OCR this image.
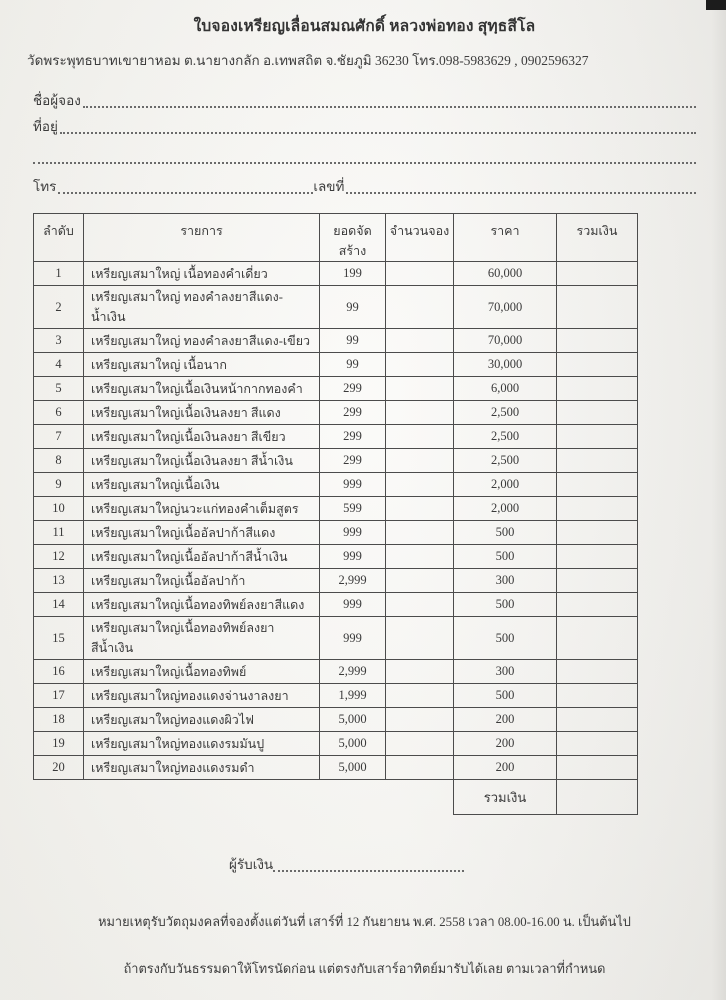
ใบจองเหรียญเลื่อนสมณศักดิ์ หลวงพ่อทอง สุทฺธสีโล
วัดพระพุทธบาทเขายาหอม ต.นายางกลัก อ.เทพสถิต จ.ชัยภูมิ 36230 โทร.098-5983629 , 0902596327
ชื่อผู้จอง
ที่อยู่
โทร	เลขที่
ลำดับ	รายการ	ยอดจัดสร้าง	จำนวนจอง	ราคา	รวมเงิน
1	เหรียญเสมาใหญ่ เนื้อทองคำเดี่ยว	199		60,000	
2	เหรียญเสมาใหญ่ ทองคำลงยาสีแดง-น้ำเงิน	99		70,000	
3	เหรียญเสมาใหญ่ ทองคำลงยาสีแดง-เขียว	99		70,000	
4	เหรียญเสมาใหญ่ เนื้อนาก	99		30,000	
5	เหรียญเสมาใหญ่เนื้อเงินหน้ากากทองคำ	299		6,000	
6	เหรียญเสมาใหญ่เนื้อเงินลงยา สีแดง	299		2,500	
7	เหรียญเสมาใหญ่เนื้อเงินลงยา สีเขียว	299		2,500	
8	เหรียญเสมาใหญ่เนื้อเงินลงยา สีน้ำเงิน	299		2,500	
9	เหรียญเสมาใหญ่เนื้อเงิน	999		2,000	
10	เหรียญเสมาใหญ่นวะแก่ทองคำเต็มสูตร	599		2,000	
11	เหรียญเสมาใหญ่เนื้ออัลปาก้าสีแดง	999		500	
12	เหรียญเสมาใหญ่เนื้ออัลปาก้าสีน้ำเงิน	999		500	
13	เหรียญเสมาใหญ่เนื้ออัลปาก้า	2,999		300	
14	เหรียญเสมาใหญ่เนื้อทองทิพย์ลงยาสีแดง	999		500	
15	เหรียญเสมาใหญ่เนื้อทองทิพย์ลงยาสีน้ำเงิน	999		500	
16	เหรียญเสมาใหญ่เนื้อทองทิพย์	2,999		300	
17	เหรียญเสมาใหญ่ทองแดงจ่านงาลงยา	1,999		500	
18	เหรียญเสมาใหญ่ทองแดงผิวไฟ	5,000		200	
19	เหรียญเสมาใหญ่ทองแดงรมมันปู	5,000		200	
20	เหรียญเสมาใหญ่ทองแดงรมดำ	5,000		200	
				รวมเงิน	
ผู้รับเงิน
หมายเหตุรับวัตถุมงคลที่จองตั้งแต่วันที่ เสาร์ที่ 12 กันยายน พ.ศ. 2558 เวลา 08.00-16.00 น. เป็นต้นไป
ถ้าตรงกับวันธรรมดาให้โทรนัดก่อน แต่ตรงกับเสาร์อาทิตย์มารับได้เลย ตามเวลาที่กำหนด
